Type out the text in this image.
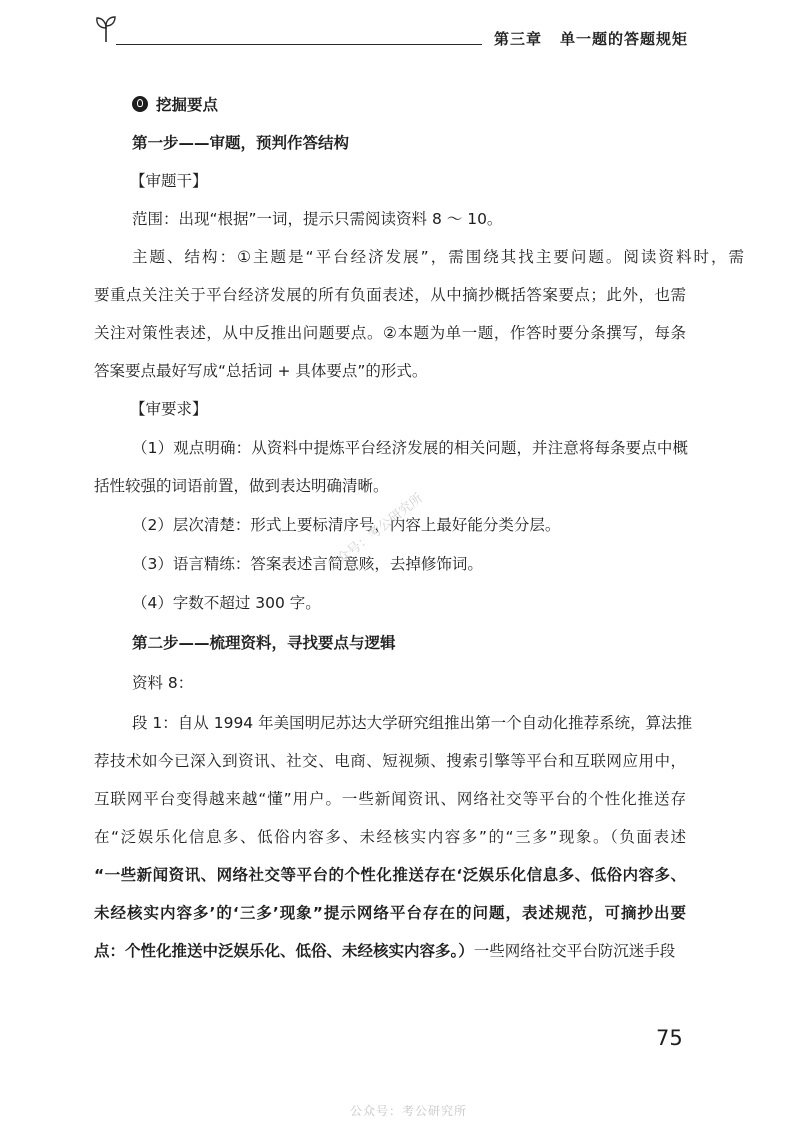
第三章 单一题的答题规矩
挖掘要点
第一步——审题，预判作答结构
【审题干】
范围：出现“根据”一词，提示只需阅读资料 8 ～ 10。
主题、结构：①主题是“平台经济发展”，需围绕其找主要问题。阅读资料时，需
要重点关注关于平台经济发展的所有负面表述，从中摘抄概括答案要点；此外，也需
关注对策性表述，从中反推出问题要点。②本题为单一题，作答时要分条撰写，每条
答案要点最好写成“总括词 + 具体要点”的形式。
【审要求】
（1）观点明确：从资料中提炼平台经济发展的相关问题，并注意将每条要点中概
括性较强的词语前置，做到表达明确清晰。
（2）层次清楚：形式上要标清序号，内容上最好能分类分层。
（3）语言精练：答案表述言简意赅，去掉修饰词。
（4）字数不超过 300 字。
第二步——梳理资料，寻找要点与逻辑
资料 8：
段 1：自从 1994 年美国明尼苏达大学研究组推出第一个自动化推荐系统，算法推
荐技术如今已深入到资讯、社交、电商、短视频、搜索引擎等平台和互联网应用中，
互联网平台变得越来越“懂”用户。一些新闻资讯、网络社交等平台的个性化推送存
在“泛娱乐化信息多、低俗内容多、未经核实内容多”的“三多”现象。（负面表述
“一些新闻资讯、网络社交等平台的个性化推送存在‘泛娱乐化信息多、低俗内容多、
未经核实内容多’的‘三多’现象”提示网络平台存在的问题，表述规范，可摘抄出要
点：个性化推送中泛娱乐化、低俗、未经核实内容多。）一些网络社交平台防沉迷手段
公众号：考公研究所
75
公众号：考公研究所
